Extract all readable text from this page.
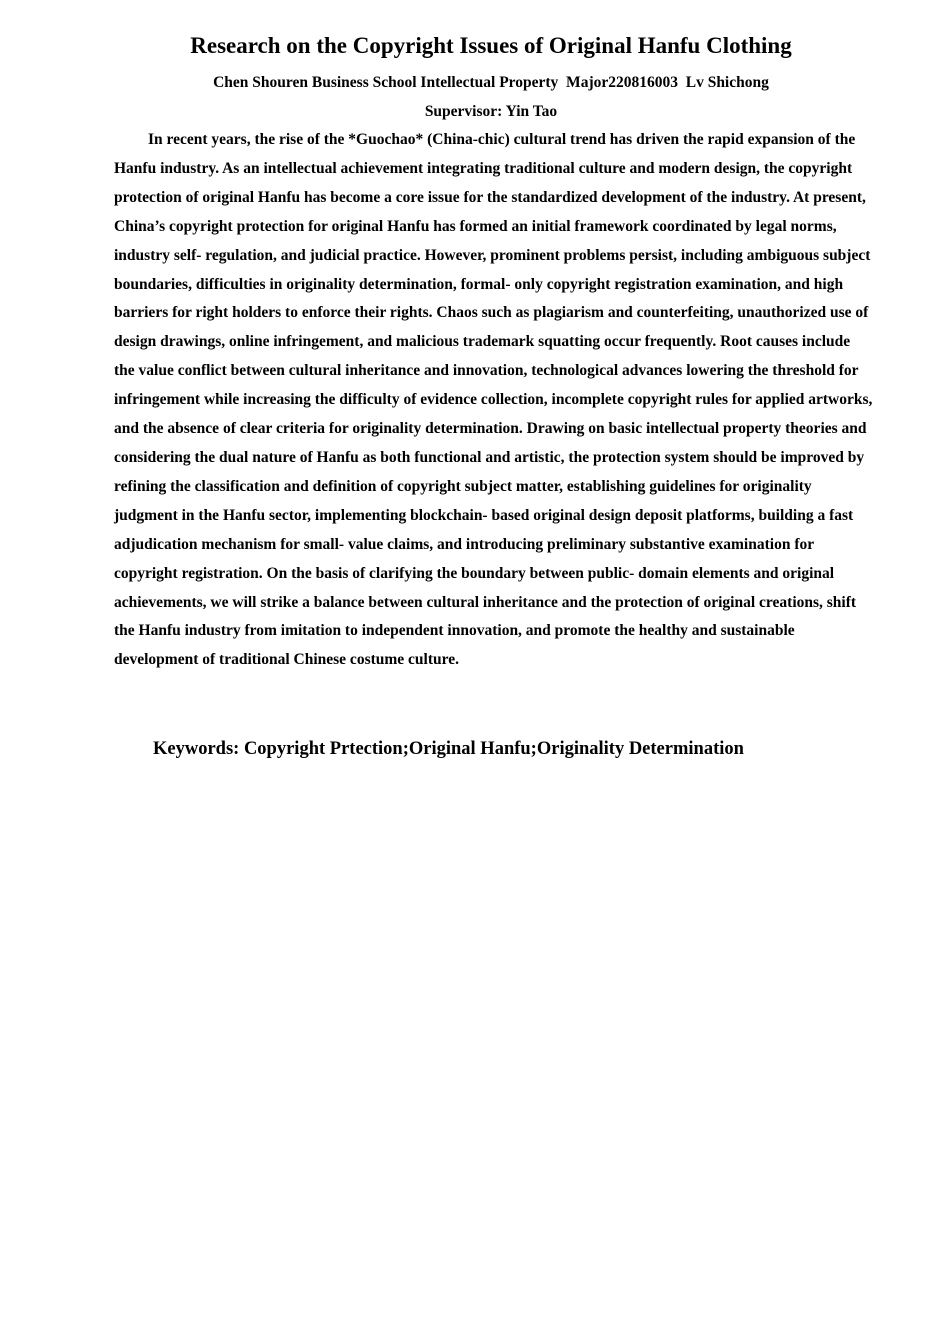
Research on the Copyright Issues of Original Hanfu Clothing
Chen Shouren Business School Intellectual Property  Major220816003  Lv Shichong
Supervisor: Yin Tao

In recent years, the rise of the *Guochao* (China-chic) cultural trend has driven the rapid expansion of the Hanfu industry. As an intellectual achievement integrating traditional culture and modern design, the copyright protection of original Hanfu has become a core issue for the standardized development of the industry. At present, China’s copyright protection for original Hanfu has formed an initial framework coordinated by legal norms, industry self- regulation, and judicial practice. However, prominent problems persist, including ambiguous subject boundaries, difficulties in originality determination, formal- only copyright registration examination, and high barriers for right holders to enforce their rights. Chaos such as plagiarism and counterfeiting, unauthorized use of design drawings, online infringement, and malicious trademark squatting occur frequently. Root causes include the value conflict between cultural inheritance and innovation, technological advances lowering the threshold for infringement while increasing the difficulty of evidence collection, incomplete copyright rules for applied artworks, and the absence of clear criteria for originality determination. Drawing on basic intellectual property theories and considering the dual nature of Hanfu as both functional and artistic, the protection system should be improved by refining the classification and definition of copyright subject matter, establishing guidelines for originality judgment in the Hanfu sector, implementing blockchain- based original design deposit platforms, building a fast adjudication mechanism for small- value claims, and introducing preliminary substantive examination for copyright registration. On the basis of clarifying the boundary between public- domain elements and original achievements, we will strike a balance between cultural inheritance and the protection of original creations, shift the Hanfu industry from imitation to independent innovation, and promote the healthy and sustainable development of traditional Chinese costume culture.

Keywords: Copyright Prtection;Original Hanfu;Originality Determination
